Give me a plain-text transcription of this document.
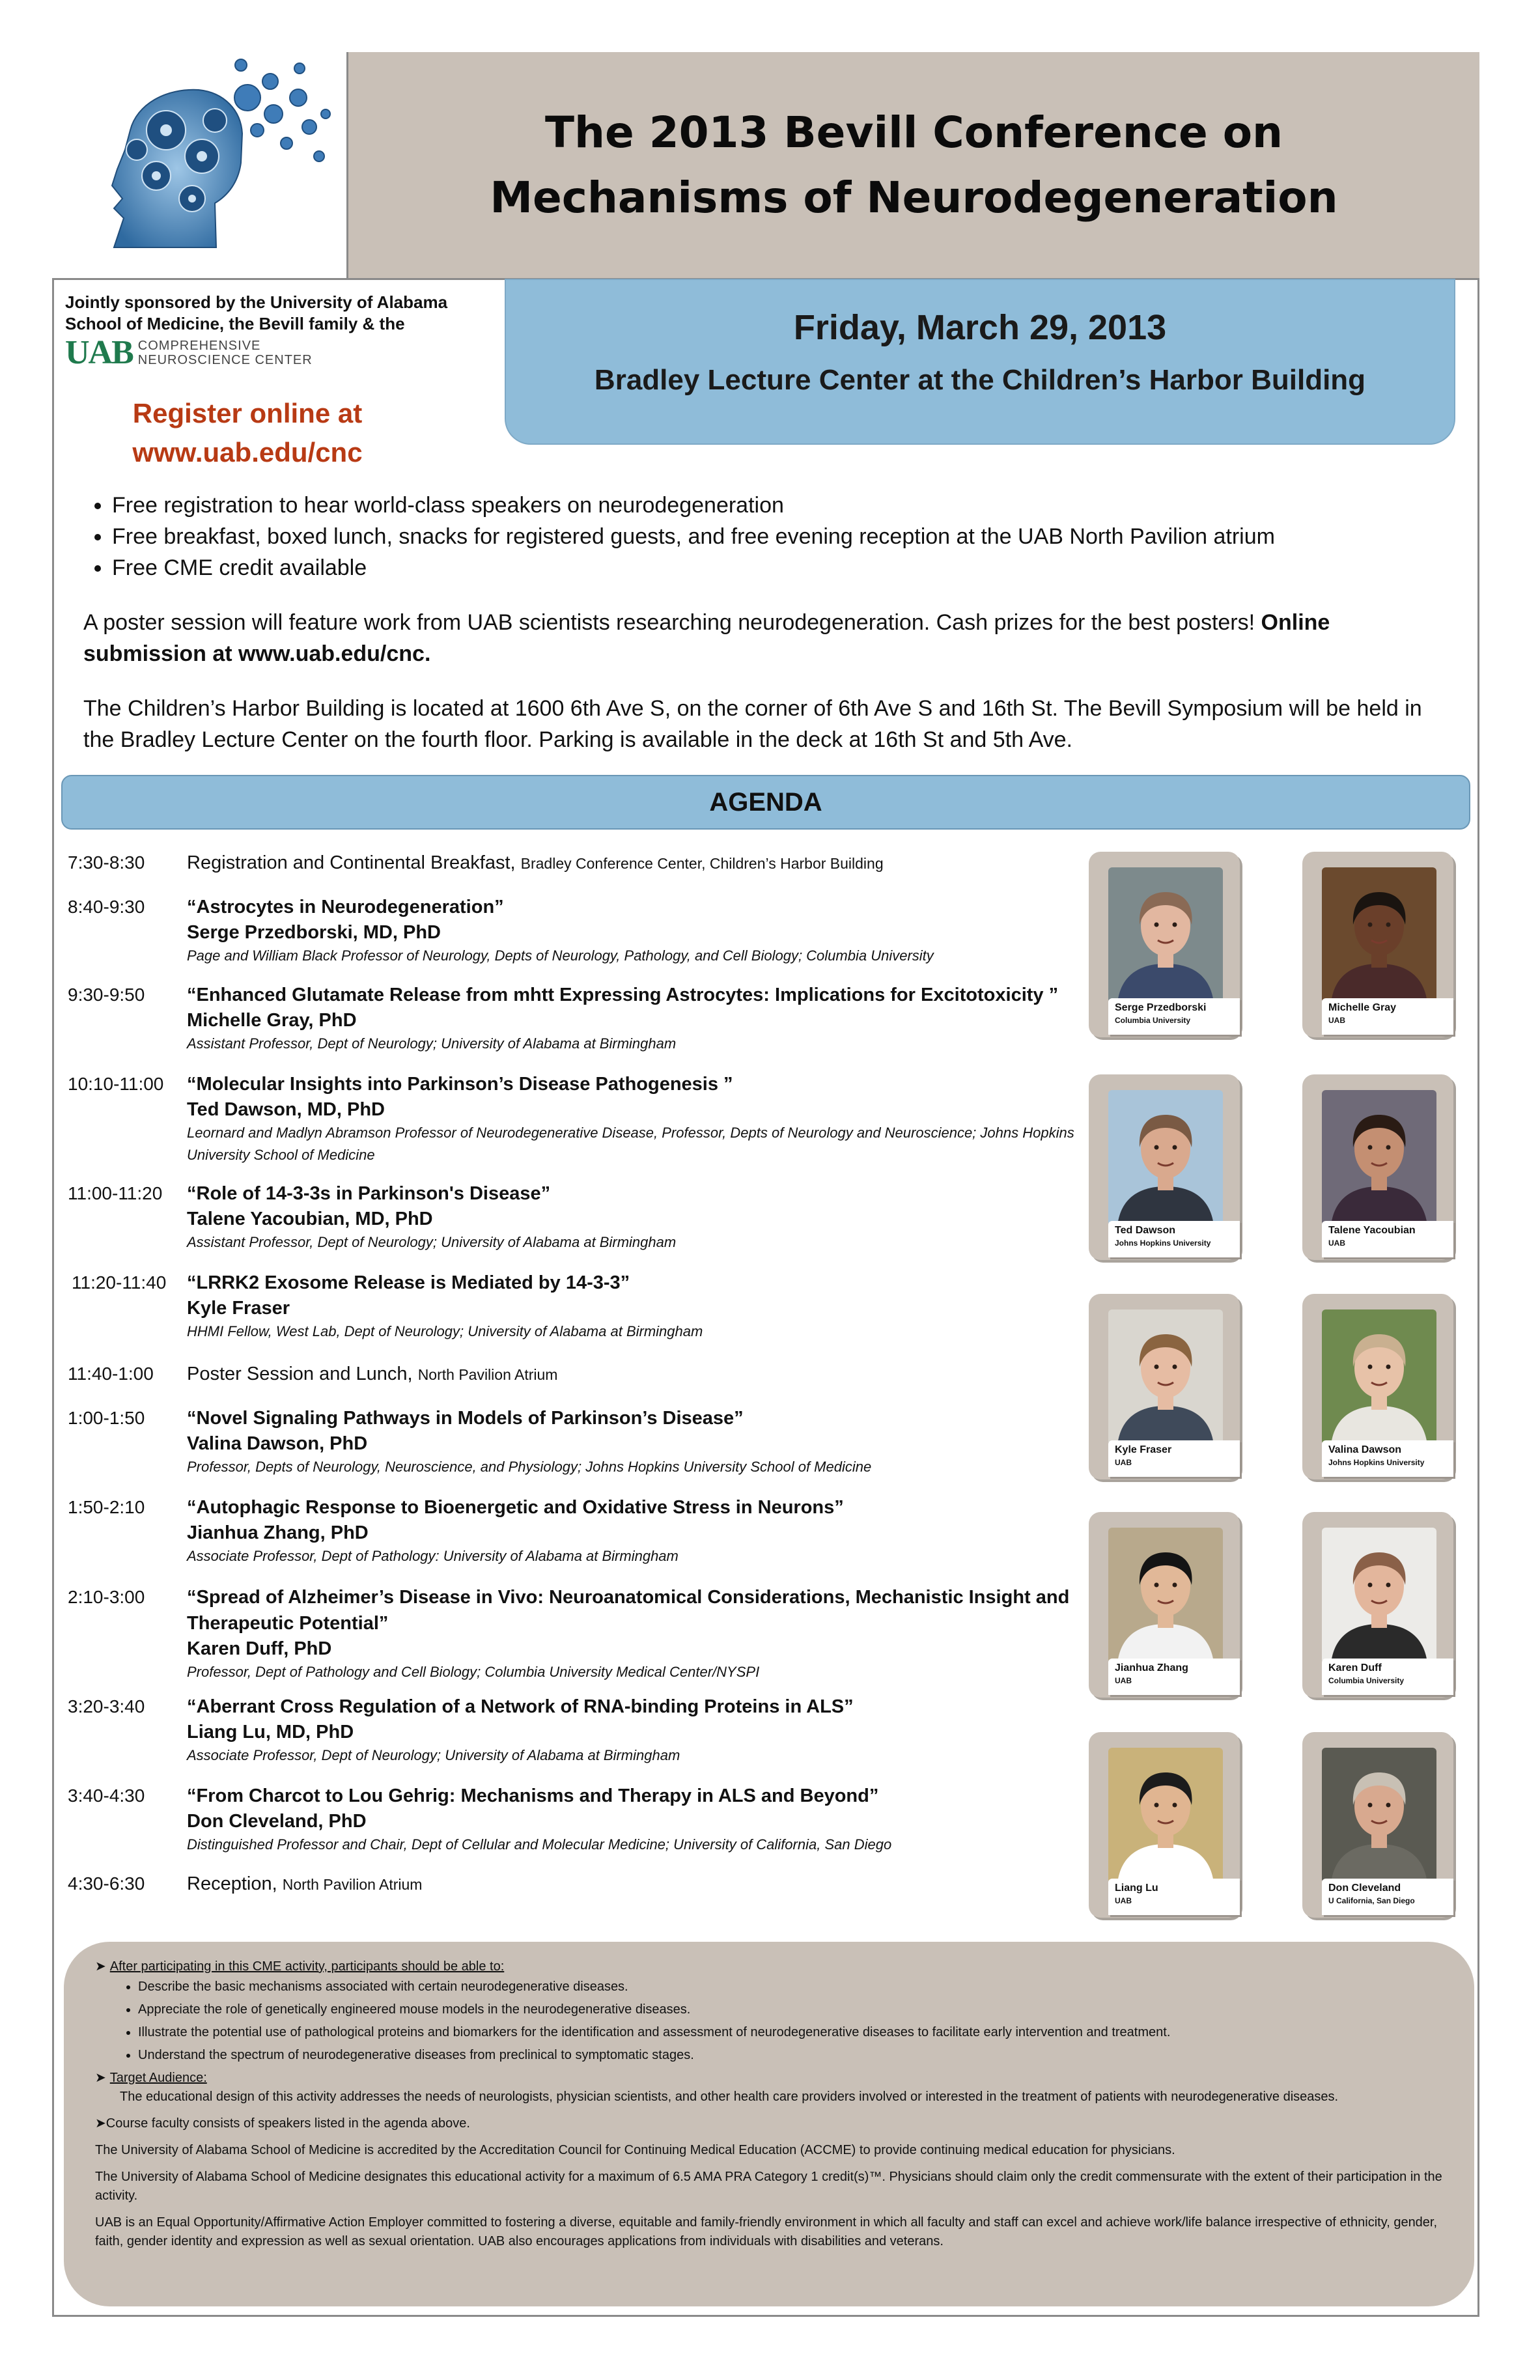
The 2013 Bevill Conference on
Mechanisms of Neurodegeneration
Jointly sponsored by the University of Alabama
School of Medicine, the Bevill family & the
UAB COMPREHENSIVE
NEUROSCIENCE CENTER
Register online at
www.uab.edu/cnc
Friday, March 29, 2013
Bradley Lecture Center at the Children’s Harbor Building
• Free registration to hear world-class speakers on neurodegeneration
• Free breakfast, boxed lunch, snacks for registered guests, and free evening reception at the UAB North Pavilion atrium
• Free CME credit available

A poster session will feature work from UAB scientists researching neurodegeneration. Cash prizes for the best posters! Online submission at www.uab.edu/cnc.

The Children’s Harbor Building is located at 1600 6th Ave S, on the corner of 6th Ave S and 16th St. The Bevill Symposium will be held in the Bradley Lecture Center on the fourth floor. Parking is available in the deck at 16th St and 5th Ave.

AGENDA
7:30-8:30	Registration and Continental Breakfast, Bradley Conference Center, Children’s Harbor Building
8:40-9:30	“Astrocytes in Neurodegeneration”
Serge Przedborski, MD, PhD
Page and William Black Professor of Neurology, Depts of Neurology, Pathology, and Cell Biology; Columbia University
9:30-9:50	“Enhanced Glutamate Release from mhtt Expressing Astrocytes: Implications for Excitotoxicity ”
Michelle Gray, PhD
Assistant Professor, Dept of Neurology; University of Alabama at Birmingham
10:10-11:00	“Molecular Insights into Parkinson’s Disease Pathogenesis ”
Ted Dawson, MD, PhD
Leornard and Madlyn Abramson Professor of Neurodegenerative Disease, Professor, Depts of Neurology and Neuroscience; Johns Hopkins University School of Medicine
11:00-11:20	“Role of 14-3-3s in Parkinson's Disease”
Talene Yacoubian, MD, PhD
Assistant Professor, Dept of Neurology; University of Alabama at Birmingham
11:20-11:40	“LRRK2 Exosome Release is Mediated by 14-3-3”
Kyle Fraser
HHMI Fellow, West Lab, Dept of Neurology; University of Alabama at Birmingham
11:40-1:00	Poster Session and Lunch, North Pavilion Atrium
1:00-1:50	“Novel Signaling Pathways in Models of Parkinson’s Disease”
Valina Dawson, PhD
Professor, Depts of Neurology, Neuroscience, and Physiology; Johns Hopkins University School of Medicine
1:50-2:10	“Autophagic Response to Bioenergetic and Oxidative Stress in Neurons”
Jianhua Zhang, PhD
Associate Professor, Dept of Pathology: University of Alabama at Birmingham
2:10-3:00	“Spread of Alzheimer’s Disease in Vivo: Neuroanatomical Considerations, Mechanistic Insight and Therapeutic Potential”
Karen Duff, PhD
Professor, Dept of Pathology and Cell Biology; Columbia University Medical Center/NYSPI
3:20-3:40	“Aberrant Cross Regulation of a Network of RNA-binding Proteins in ALS”
Liang Lu, MD, PhD
Associate Professor, Dept of Neurology; University of Alabama at Birmingham
3:40-4:30	“From Charcot to Lou Gehrig: Mechanisms and Therapy in ALS and Beyond”
Don Cleveland, PhD
Distinguished Professor and Chair, Dept of Cellular and Molecular Medicine; University of California, San Diego
4:30-6:30	Reception, North Pavilion Atrium
Serge Przedborski
Columbia University
Michelle Gray
UAB
Ted Dawson
Johns Hopkins University
Talene Yacoubian
UAB
Kyle Fraser
UAB
Valina Dawson
Johns Hopkins University
Jianhua Zhang
UAB
Karen Duff
Columbia University
Liang Lu
UAB
Don Cleveland
U California, San Diego

➤ After participating in this CME activity, participants should be able to:

• Describe the basic mechanisms associated with certain neurodegenerative diseases.
• Appreciate the role of genetically engineered mouse models in the neurodegenerative diseases.
• Illustrate the potential use of pathological proteins and biomarkers for the identification and assessment of neurodegenerative diseases to facilitate early intervention and treatment.
• Understand the spectrum of neurodegenerative diseases from preclinical to symptomatic stages.

➤ Target Audience:

The educational design of this activity addresses the needs of neurologists, physician scientists, and other health care providers involved or interested in the treatment of patients with neurodegenerative diseases.

➤Course faculty consists of speakers listed in the agenda above.

The University of Alabama School of Medicine is accredited by the Accreditation Council for Continuing Medical Education (ACCME) to provide continuing medical education for physicians.

The University of Alabama School of Medicine designates this educational activity for a maximum of 6.5 AMA PRA Category 1 credit(s)™. Physicians should claim only the credit commensurate with the extent of their participation in the activity.

UAB is an Equal Opportunity/Affirmative Action Employer committed to fostering a diverse, equitable and family-friendly environment in which all faculty and staff can excel and achieve work/life balance irrespective of ethnicity, gender, faith, gender identity and expression as well as sexual orientation. UAB also encourages applications from individuals with disabilities and veterans.
